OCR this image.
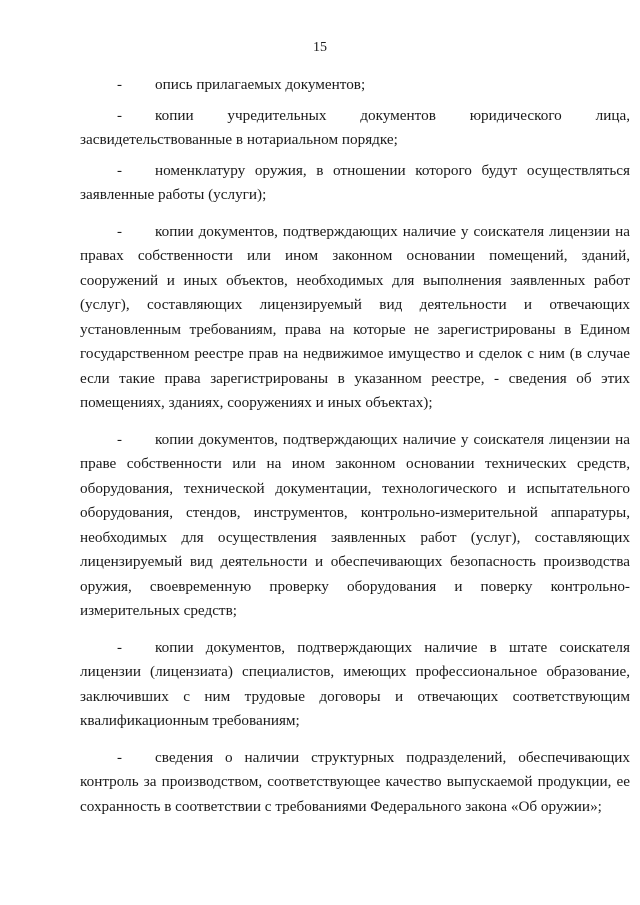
15

- опись прилагаемых документов;

- копии учредительных документов юридического лица, засвидетельствованные в нотариальном порядке;

- номенклатуру оружия, в отношении которого будут осуществляться заявленные работы (услуги);

- копии документов, подтверждающих наличие у соискателя лицензии на правах собственности или ином законном основании помещений, зданий, сооружений и иных объектов, необходимых для выполнения заявленных работ (услуг), составляющих лицензируемый вид деятельности и отвечающих установленным требованиям, права на которые не зарегистрированы в Едином государственном реестре прав на недвижимое имущество и сделок с ним (в случае если такие права зарегистрированы в указанном реестре, - сведения об этих помещениях, зданиях, сооружениях и иных объектах);

- копии документов, подтверждающих наличие у соискателя лицензии на праве собственности или на ином законном основании технических средств, оборудования, технической документации, технологического и испытательного оборудования, стендов, инструментов, контрольно-измерительной аппаратуры, необходимых для осуществления заявленных работ (услуг), составляющих лицензируемый вид деятельности и обеспечивающих безопасность производства оружия, своевременную проверку оборудования и поверку контрольно-измерительных средств;

- копии документов, подтверждающих наличие в штате соискателя лицензии (лицензиата) специалистов, имеющих профессиональное образование, заключивших с ним трудовые договоры и отвечающих соответствующим квалификационным требованиям;

- сведения о наличии структурных подразделений, обеспечивающих контроль за производством, соответствующее качество выпускаемой продукции, ее сохранность в соответствии с требованиями Федерального закона «Об оружии»;
